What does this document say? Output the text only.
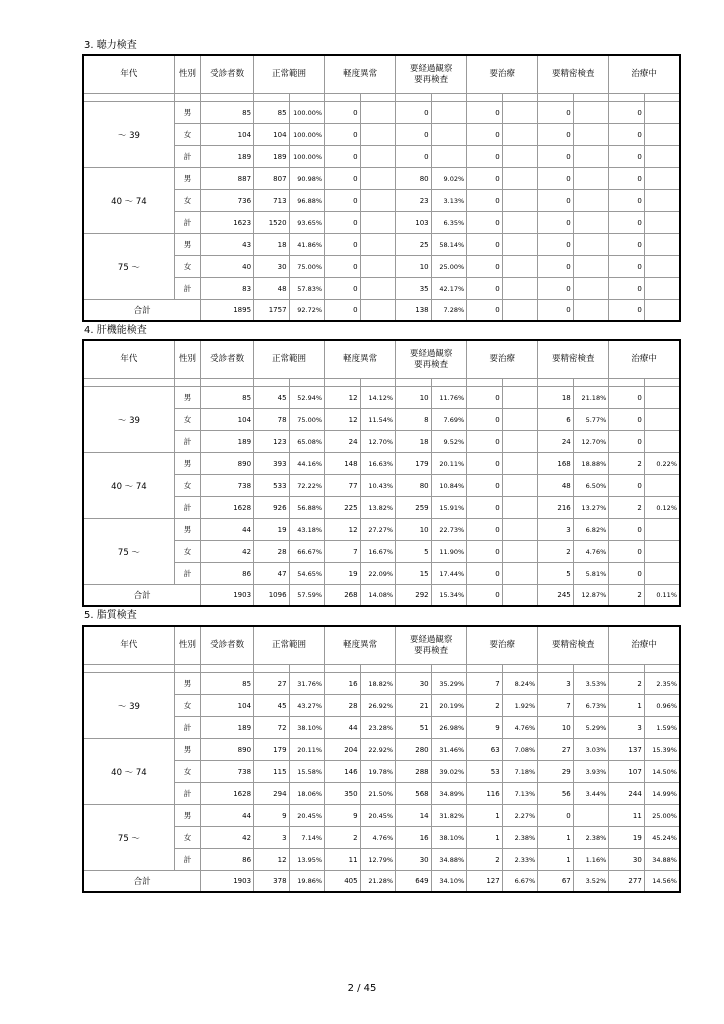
3. 聴力検査
年代	性別	受診者数	正常範囲		軽度異常		要経過観察
要再検査		要治療		要精密検査		治療中	

～ 39	男	85	85	100.00%	0		0		0		0		0	
	女	104	104	100.00%	0		0		0		0		0	
	計	189	189	100.00%	0		0		0		0		0	
40 ～ 74	男	887	807	90.98%	0		80	9.02%	0		0		0	
	女	736	713	96.88%	0		23	3.13%	0		0		0	
	計	1623	1520	93.65%	0		103	6.35%	0		0		0	
75 ～	男	43	18	41.86%	0		25	58.14%	0		0		0	
	女	40	30	75.00%	0		10	25.00%	0		0		0	
	計	83	48	57.83%	0		35	42.17%	0		0		0	
合計		1895	1757	92.72%	0		138	7.28%	0		0		0	
4. 肝機能検査
年代	性別	受診者数	正常範囲		軽度異常		要経過観察
要再検査		要治療		要精密検査		治療中	

～ 39	男	85	45	52.94%	12	14.12%	10	11.76%	0		18	21.18%	0	
	女	104	78	75.00%	12	11.54%	8	7.69%	0		6	5.77%	0	
	計	189	123	65.08%	24	12.70%	18	9.52%	0		24	12.70%	0	
40 ～ 74	男	890	393	44.16%	148	16.63%	179	20.11%	0		168	18.88%	2	0.22%
	女	738	533	72.22%	77	10.43%	80	10.84%	0		48	6.50%	0	
	計	1628	926	56.88%	225	13.82%	259	15.91%	0		216	13.27%	2	0.12%
75 ～	男	44	19	43.18%	12	27.27%	10	22.73%	0		3	6.82%	0	
	女	42	28	66.67%	7	16.67%	5	11.90%	0		2	4.76%	0	
	計	86	47	54.65%	19	22.09%	15	17.44%	0		5	5.81%	0	
合計		1903	1096	57.59%	268	14.08%	292	15.34%	0		245	12.87%	2	0.11%
5. 脂質検査
年代	性別	受診者数	正常範囲		軽度異常		要経過観察
要再検査		要治療		要精密検査		治療中	

～ 39	男	85	27	31.76%	16	18.82%	30	35.29%	7	8.24%	3	3.53%	2	2.35%
	女	104	45	43.27%	28	26.92%	21	20.19%	2	1.92%	7	6.73%	1	0.96%
	計	189	72	38.10%	44	23.28%	51	26.98%	9	4.76%	10	5.29%	3	1.59%
40 ～ 74	男	890	179	20.11%	204	22.92%	280	31.46%	63	7.08%	27	3.03%	137	15.39%
	女	738	115	15.58%	146	19.78%	288	39.02%	53	7.18%	29	3.93%	107	14.50%
	計	1628	294	18.06%	350	21.50%	568	34.89%	116	7.13%	56	3.44%	244	14.99%
75 ～	男	44	9	20.45%	9	20.45%	14	31.82%	1	2.27%	0		11	25.00%
	女	42	3	7.14%	2	4.76%	16	38.10%	1	2.38%	1	2.38%	19	45.24%
	計	86	12	13.95%	11	12.79%	30	34.88%	2	2.33%	1	1.16%	30	34.88%
合計		1903	378	19.86%	405	21.28%	649	34.10%	127	6.67%	67	3.52%	277	14.56%
2 / 45
